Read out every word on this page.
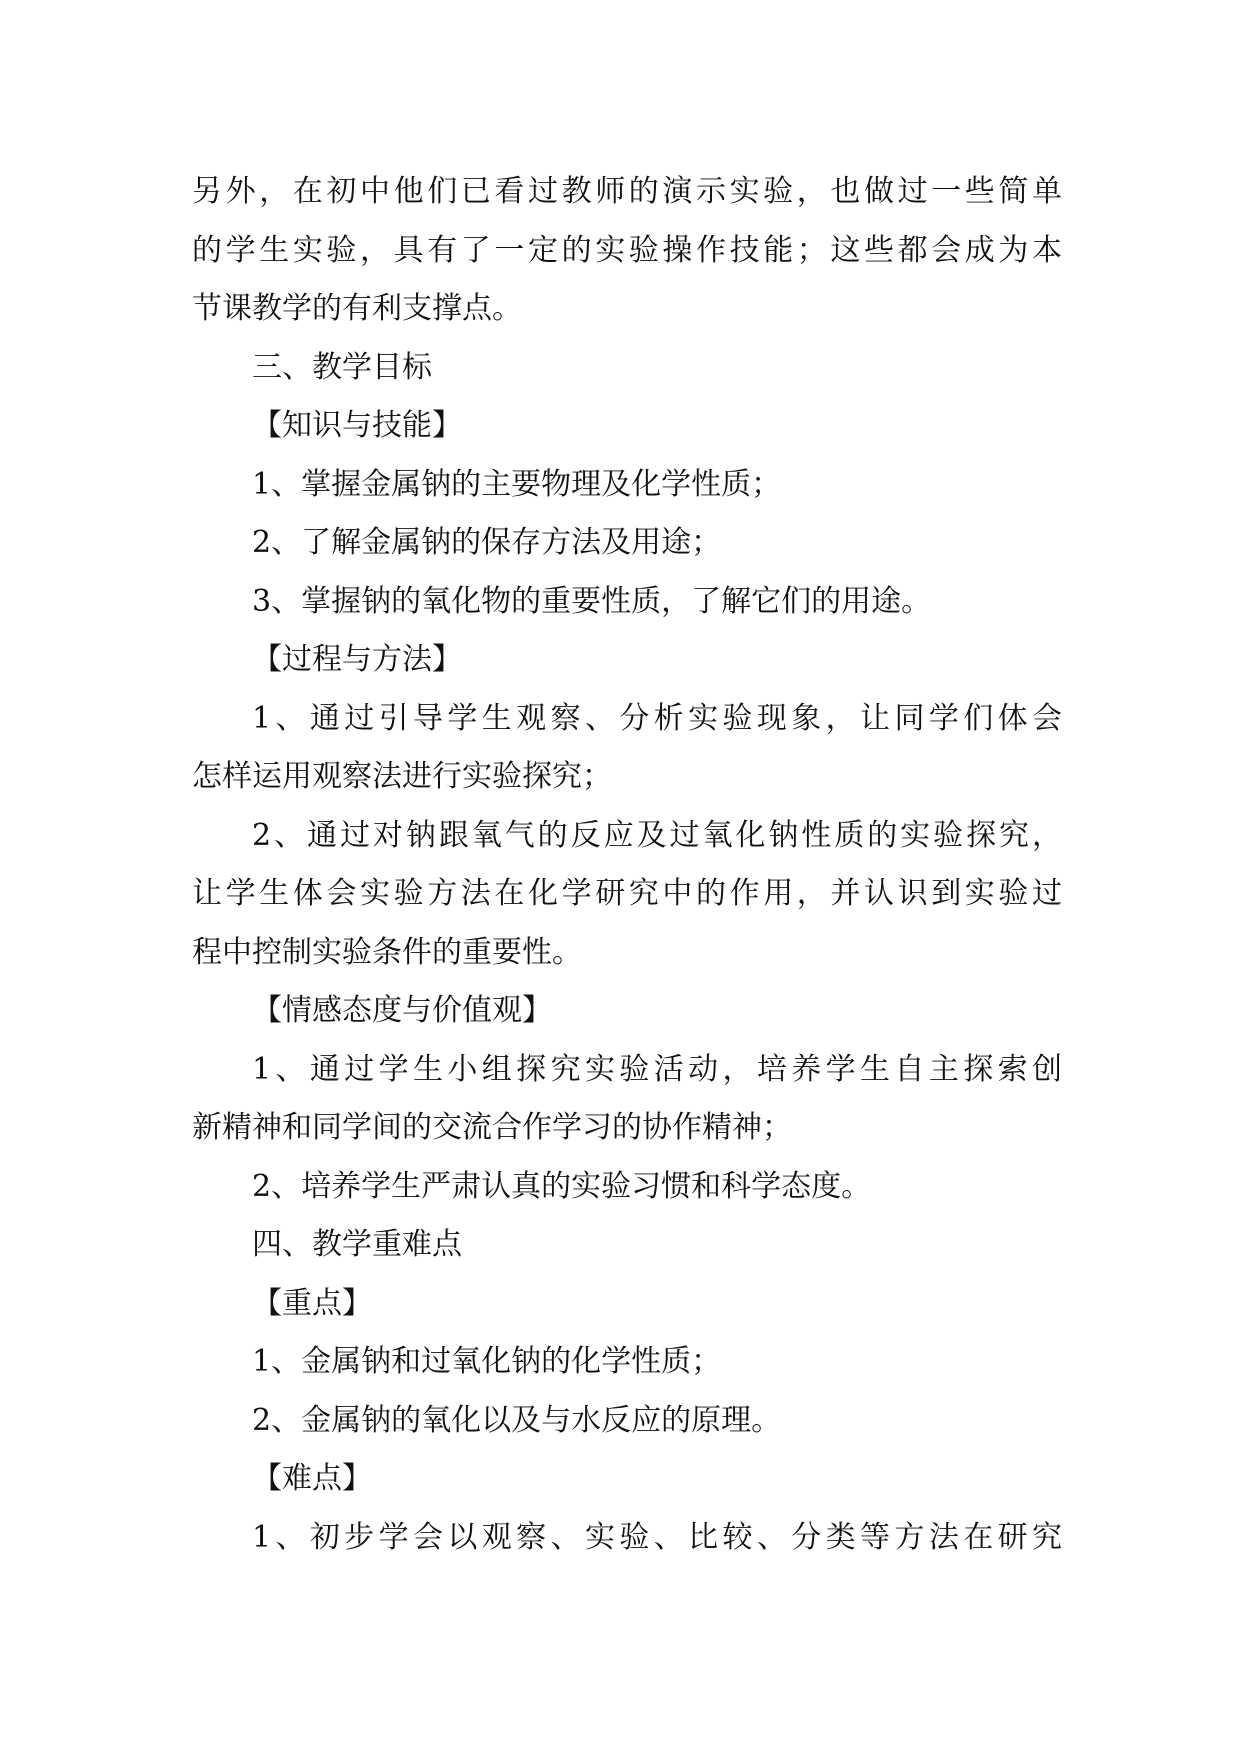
另外，在初中他们已看过教师的演示实验，也做过一些简单
的学生实验，具有了一定的实验操作技能；这些都会成为本
节课教学的有利支撑点。
三、教学目标
【知识与技能】
1、掌握金属钠的主要物理及化学性质；
2、了解金属钠的保存方法及用途；
3、掌握钠的氧化物的重要性质，了解它们的用途。
【过程与方法】
1、通过引导学生观察、分析实验现象，让同学们体会
怎样运用观察法进行实验探究；
2、通过对钠跟氧气的反应及过氧化钠性质的实验探究，
让学生体会实验方法在化学研究中的作用，并认识到实验过
程中控制实验条件的重要性。
【情感态度与价值观】
1、通过学生小组探究实验活动，培养学生自主探索创
新精神和同学间的交流合作学习的协作精神；
2、培养学生严肃认真的实验习惯和科学态度。
四、教学重难点
【重点】
1、金属钠和过氧化钠的化学性质；
2、金属钠的氧化以及与水反应的原理。
【难点】
1、初步学会以观察、实验、比较、分类等方法在研究
